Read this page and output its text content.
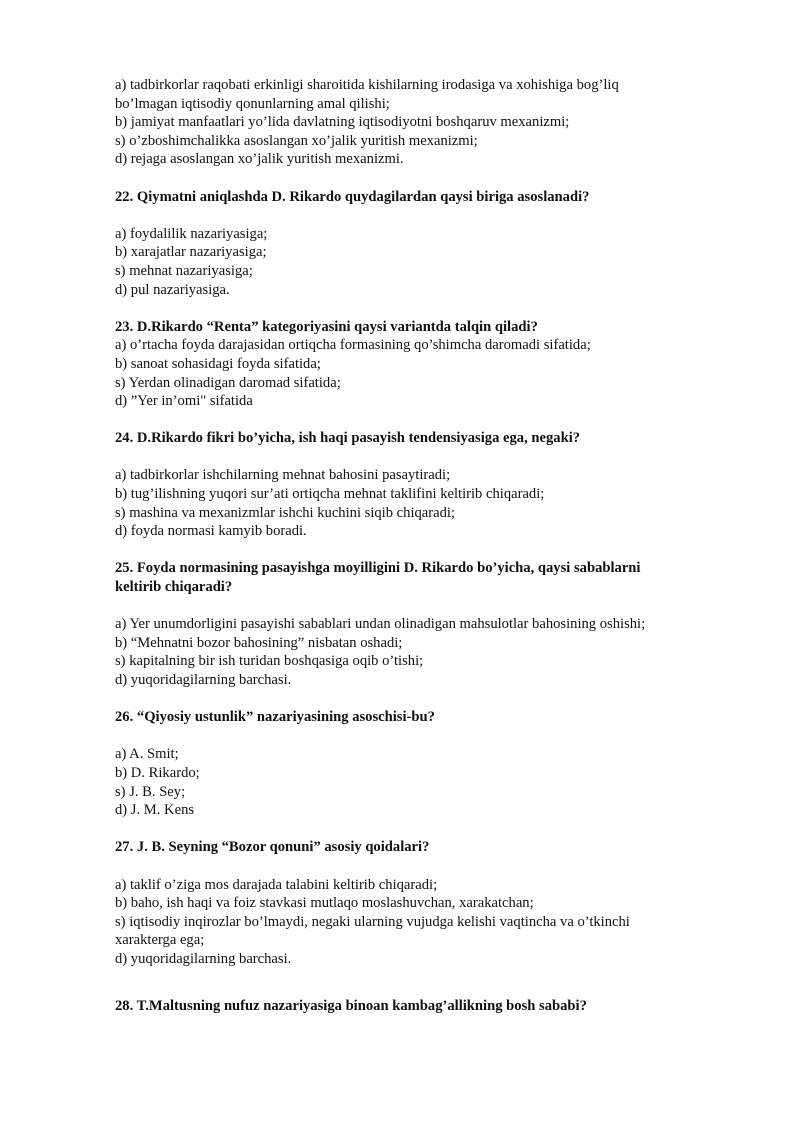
a) tadbirkorlar raqobati erkinligi sharoitida kishilarning irodasiga va xohishiga bog’liq
bo’lmagan iqtisodiy qonunlarning amal qilishi;
b) jamiyat manfaatlari yo’lida davlatning iqtisodiyotni boshqaruv mexanizmi;
s) o’zboshimchalikka asoslangan xo’jalik yuritish mexanizmi;
d) rejaga asoslangan xo’jalik yuritish mexanizmi.
22. Qiymatni aniqlashda D. Rikardo quydagilardan qaysi biriga asoslanadi?
a) foydalilik nazariyasiga;
b) xarajatlar nazariyasiga;
s) mehnat nazariyasiga;
d) pul nazariyasiga.
23. D.Rikardo “Renta” kategoriyasini qaysi variantda talqin qiladi?
a) o’rtacha foyda darajasidan ortiqcha formasining qo’shimcha daromadi sifatida;
b) sanoat sohasidagi foyda sifatida;
s) Yerdan olinadigan daromad sifatida;
d) ”Yer in’omi" sifatida
24. D.Rikardo fikri bo’yicha, ish haqi pasayish tendensiyasiga ega, negaki?
a) tadbirkorlar ishchilarning mehnat bahosini pasaytiradi;
b) tug’ilishning yuqori sur’ati ortiqcha mehnat taklifini keltirib chiqaradi;
s) mashina va mexanizmlar ishchi kuchini siqib chiqaradi;
d) foyda normasi kamyib boradi.
25. Foyda normasining pasayishga moyilligini D. Rikardo bo’yicha, qaysi sabablarni
keltirib chiqaradi?
a) Yer unumdorligini pasayishi sabablari undan olinadigan mahsulotlar bahosining oshishi;
b) “Mehnatni bozor bahosining” nisbatan oshadi;
s) kapitalning bir ish turidan boshqasiga oqib o’tishi;
d) yuqoridagilarning barchasi.
26. “Qiyosiy ustunlik” nazariyasining asoschisi-bu?
a) A. Smit;
b) D. Rikardo;
s) J. B. Sey;
d) J. M. Kens
27. J. B. Seyning “Bozor qonuni” asosiy qoidalari?
a) taklif o’ziga mos darajada talabini keltirib chiqaradi;
b) baho, ish haqi va foiz stavkasi mutlaqo moslashuvchan, xarakatchan;
s) iqtisodiy inqirozlar bo’lmaydi, negaki ularning vujudga kelishi vaqtincha va o’tkinchi
xarakterga ega;
d) yuqoridagilarning barchasi.
28. T.Maltusning nufuz nazariyasiga binoan kambag’allikning bosh sababi?
